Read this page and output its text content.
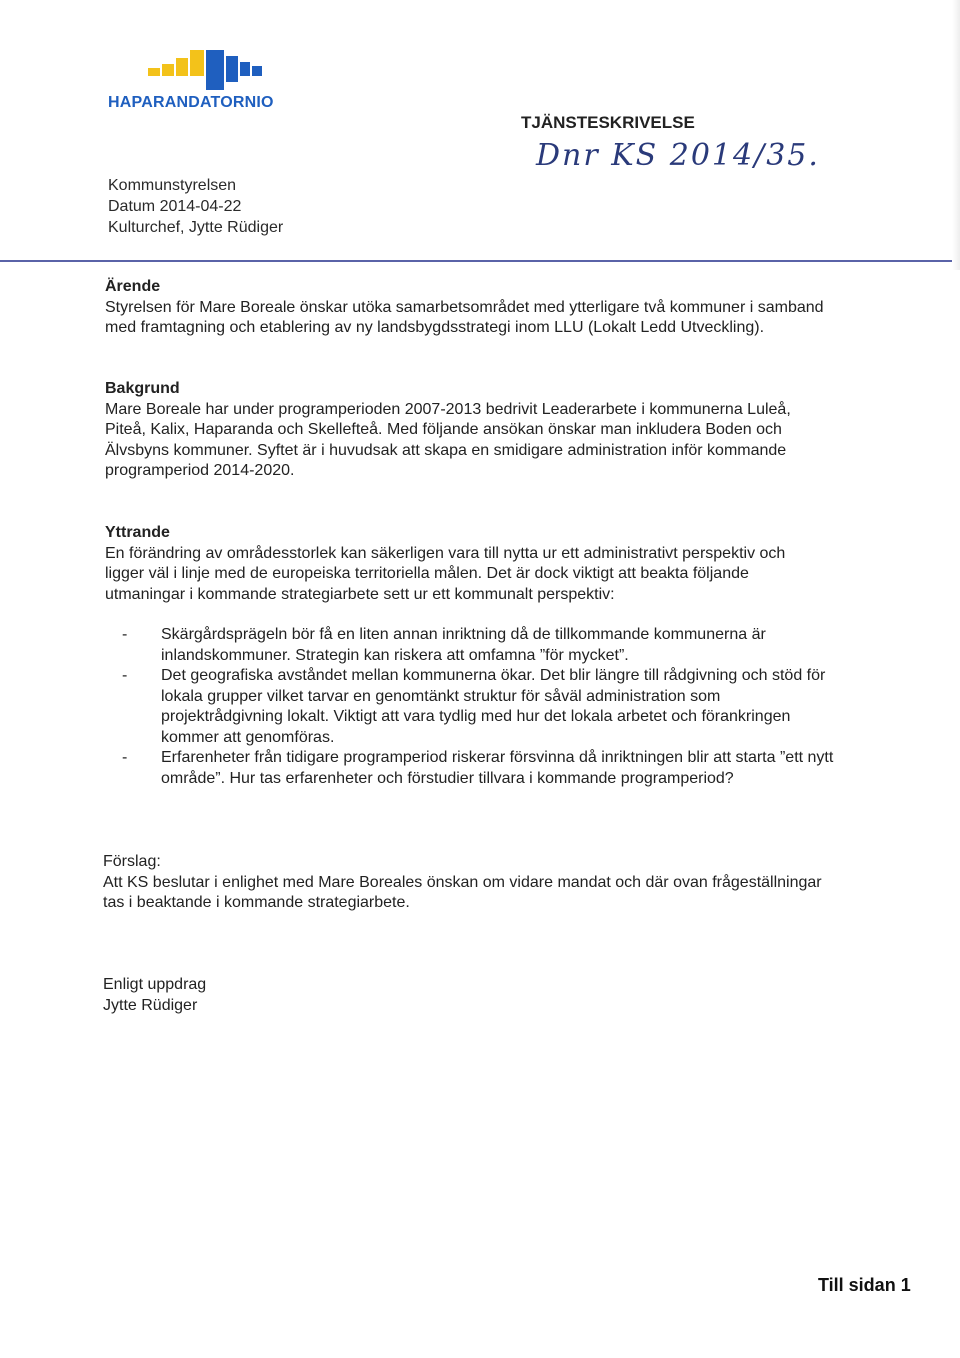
HAPARANDATORNIO
TJÄNSTESKRIVELSE
Dnr KS 2014/35.
Kommunstyrelsen
Datum 2014-04-22
Kulturchef, Jytte Rüdiger
Ärende
Styrelsen för Mare Boreale önskar utöka samarbetsområdet med ytterligare två kommuner i samband med framtagning och etablering av ny landsbygdsstrategi inom LLU (Lokalt Ledd Utveckling).
Bakgrund
Mare Boreale har under programperioden 2007-2013 bedrivit Leaderarbete i kommunerna Luleå, Piteå, Kalix, Haparanda och Skellefteå. Med följande ansökan önskar man inkludera Boden och Älvsbyns kommuner. Syftet är i huvudsak att skapa en smidigare administration inför kommande programperiod 2014-2020.
Yttrande
En förändring av områdesstorlek kan säkerligen vara till nytta ur ett administrativt perspektiv och ligger väl i linje med de europeiska territoriella målen. Det är dock viktigt att beakta följande utmaningar i kommande strategiarbete sett ur ett kommunalt perspektiv:
-	Skärgårdsprägeln bör få en liten annan inriktning då de tillkommande kommunerna är inlandskommuner. Strategin kan riskera att omfamna ”för mycket”.
-	Det geografiska avståndet mellan kommunerna ökar. Det blir längre till rådgivning och stöd för lokala grupper vilket tarvar en genomtänkt struktur för såväl administration som projektrådgivning lokalt. Viktigt att vara tydlig med hur det lokala arbetet och förankringen kommer att genomföras.
-	Erfarenheter från tidigare programperiod riskerar försvinna då inriktningen blir att starta ”ett nytt område”. Hur tas erfarenheter och förstudier tillvara i kommande programperiod?
Förslag:
Att KS beslutar i enlighet med Mare Boreales önskan om vidare mandat och där ovan frågeställningar tas i beaktande i kommande strategiarbete.
Enligt uppdrag
Jytte Rüdiger
Till sidan 1
